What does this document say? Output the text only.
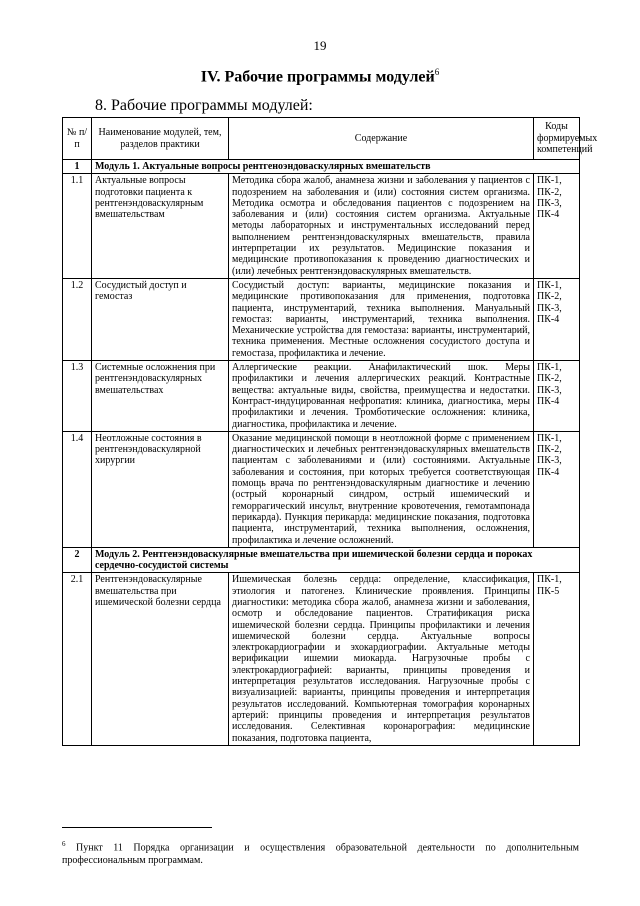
19
IV. Рабочие программы модулей$^6$
8. Рабочие программы модулей:
№ п/п	Наименование модулей, тем, разделов практики	Содержание	Коды формируемых компетенций
1	Модуль 1. Актуальные вопросы рентгеноэндоваскулярных вмешательств		
1.1	Актуальные вопросы подготовки пациента к рентгенэндоваскулярным вмешательствам	Методика сбора жалоб, анамнеза жизни и заболевания у пациентов с подозрением на заболевания и (или) состояния систем организма. Методика осмотра и обследования пациентов с подозрением на заболевания и (или) состояния систем организма. Актуальные методы лабораторных и инструментальных исследований перед выполнением рентгенэндоваскулярных вмешательств, правила интерпретации их результатов. Медицинские показания и медицинские противопоказания к проведению диагностических и (или) лечебных рентгенэндоваскулярных вмешательств.	ПК-1, ПК-2, ПК-3, ПК-4
1.2	Сосудистый доступ и гемостаз	Сосудистый доступ: варианты, медицинские показания и медицинские противопоказания для применения, подготовка пациента, инструментарий, техника выполнения. Мануальный гемостаз: варианты, инструментарий, техника выполнения. Механические устройства для гемостаза: варианты, инструментарий, техника применения. Местные осложнения сосудистого доступа и гемостаза, профилактика и лечение.	ПК-1, ПК-2, ПК-3, ПК-4
1.3	Системные осложнения при рентгенэндоваскулярных вмешательствах	Аллергические реакции. Анафилактический шок. Меры профилактики и лечения аллергических реакций. Контрастные вещества: актуальные виды, свойства, преимущества и недостатки. Контраст-индуцированная нефропатия: клиника, диагностика, меры профилактики и лечения. Тромботические осложнения: клиника, диагностика, профилактика и лечение.	ПК-1, ПК-2, ПК-3, ПК-4
1.4	Неотложные состояния в рентгенэндоваскулярной хирургии	Оказание медицинской помощи в неотложной форме с применением диагностических и лечебных рентгенэндоваскулярных вмешательств пациентам с заболеваниями и (или) состояниями. Актуальные заболевания и состояния, при которых требуется соответствующая помощь врача по рентгенэндоваскулярным диагностике и лечению (острый коронарный синдром, острый ишемический и геморрагический инсульт, внутренние кровотечения, гемотампонада перикарда). Пункция перикарда: медицинские показания, подготовка пациента, инструментарий, техника выполнения, осложнения, профилактика и лечение осложнений.	ПК-1, ПК-2, ПК-3, ПК-4
2	Модуль 2. Рентгенэндоваскулярные вмешательства при ишемической болезни сердца и пороках сердечно-сосудистой системы		
2.1	Рентгенэндоваскулярные вмешательства при ишемической болезни сердца	Ишемическая болезнь сердца: определение, классификация, этиология и патогенез. Клинические проявления. Принципы диагностики: методика сбора жалоб, анамнеза жизни и заболевания, осмотр и обследование пациентов. Стратификация риска ишемической болезни сердца. Принципы профилактики и лечения ишемической болезни сердца. Актуальные вопросы электрокардиографии и эхокардиографии. Актуальные методы верификации ишемии миокарда. Нагрузочные пробы с электрокардиографией: варианты, принципы проведения и интерпретация результатов исследования. Нагрузочные пробы с визуализацией: варианты, принципы проведения и интерпретация результатов исследований. Компьютерная томография коронарных артерий: принципы проведения и интерпретация результатов исследования. Селективная коронарография: медицинские показания, подготовка пациента,	ПК-1, ПК-5
$^6$ Пункт 11 Порядка организации и осуществления образовательной деятельности по дополнительным профессиональным программам.
